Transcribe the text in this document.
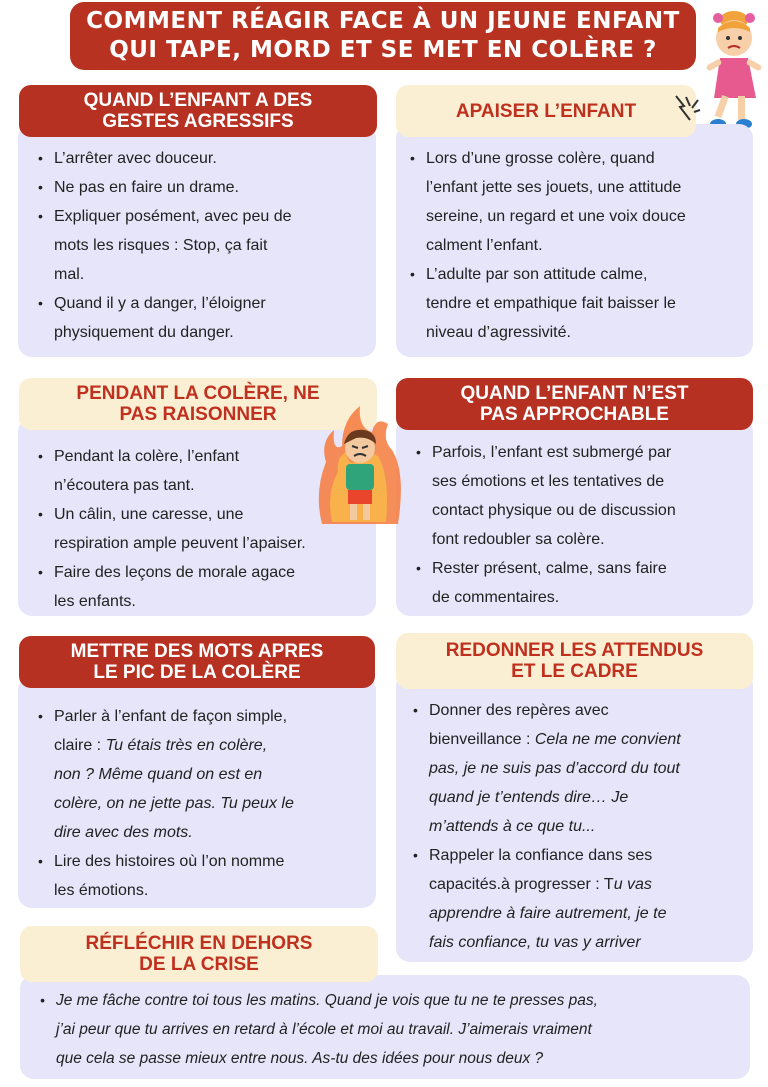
COMMENT RÉAGIR FACE À UN JEUNE ENFANT
QUI TAPE, MORD ET SE MET EN COLÈRE ?
QUAND L’ENFANT A DES
GESTES AGRESSIFS
• L’arrêter avec douceur.
• Ne pas en faire un drame.
• Expliquer posément, avec peu de
mots les risques : Stop, ça fait
mal.
• Quand il y a danger, l’éloigner
physiquement du danger.
APAISER L’ENFANT
• Lors d’une grosse colère, quand
l’enfant jette ses jouets, une attitude
sereine, un regard et une voix douce
calment l’enfant.
• L’adulte par son attitude calme,
tendre et empathique fait baisser le
niveau d’agressivité.
PENDANT LA COLÈRE, NE
PAS RAISONNER
• Pendant la colère, l’enfant
n’écoutera pas tant.
• Un câlin, une caresse, une
respiration ample peuvent l’apaiser.
• Faire des leçons de morale agace
les enfants.
QUAND L’ENFANT N’EST
PAS APPROCHABLE
• Parfois, l’enfant est submergé par
ses émotions et les tentatives de
contact physique ou de discussion
font redoubler sa colère.
• Rester présent, calme, sans faire
de commentaires.
METTRE DES MOTS APRES
LE PIC DE LA COLÈRE
• Parler à l’enfant de façon simple,
claire : Tu étais très en colère,
non ? Même quand on est en
colère, on ne jette pas. Tu peux le
dire avec des mots.
• Lire des histoires où l’on nomme
les émotions.
REDONNER LES ATTENDUS
ET LE CADRE
• Donner des repères avec
bienveillance : Cela ne me convient
pas, je ne suis pas d’accord du tout
quand je t’entends dire… Je
m’attends à ce que tu...
• Rappeler la confiance dans ses
capacités.à progresser : Tu vas
apprendre à faire autrement, je te
fais confiance, tu vas y arriver
RÉFLÉCHIR EN DEHORS
DE LA CRISE
• Je me fâche contre toi tous les matins. Quand je vois que tu ne te presses pas,
j’ai peur que tu arrives en retard à l’école et moi au travail. J’aimerais vraiment
que cela se passe mieux entre nous. As-tu des idées pour nous deux ?
